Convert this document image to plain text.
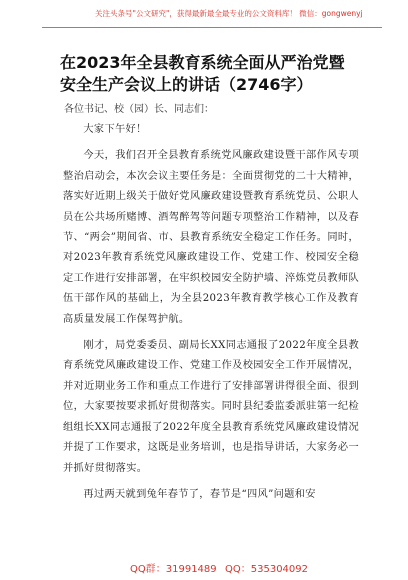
关注头条号"公文研究"，获得最新最全最专业的公文资料库！ 微信：gongwenyj
在2023年全县教育系统全面从严治党暨安全生产会议上的讲话（2746字）
各位书记、校（园）长、同志们：

大家下午好！

今天，我们召开全县教育系统党风廉政建设暨干部作风专项整治启动会，本次会议主要任务是：全面贯彻党的二十大精神，落实好近期上级关于做好党风廉政建设暨教育系统党员、公职人员在公共场所赌博、酒驾醉驾等问题专项整治工作精神，以及春节、“两会”期间省、市、县教育系统安全稳定工作任务。同时，对2023年教育系统党风廉政建设工作、党建工作、校园安全稳定工作进行安排部署，在牢织校园安全防护墙、淬炼党员教师队伍干部作风的基础上，为全县2023年教育教学核心工作及教育高质量发展工作保驾护航。

刚才，局党委委员、副局长XX同志通报了2022年度全县教育系统党风廉政建设工作、党建工作及校园安全工作开展情况，并对近期业务工作和重点工作进行了安排部署讲得很全面、很到位，大家要按要求抓好贯彻落实。同时县纪委监委派驻第一纪检组组长XX同志通报了2022年度全县教育系统党风廉政建设情况并提了工作要求，这既是业务培训，也是指导讲话，大家务必一并抓好贯彻落实。

再过两天就到兔年春节了，春节是“四风”问题和安

QQ群：31991489 QQ：535304092
